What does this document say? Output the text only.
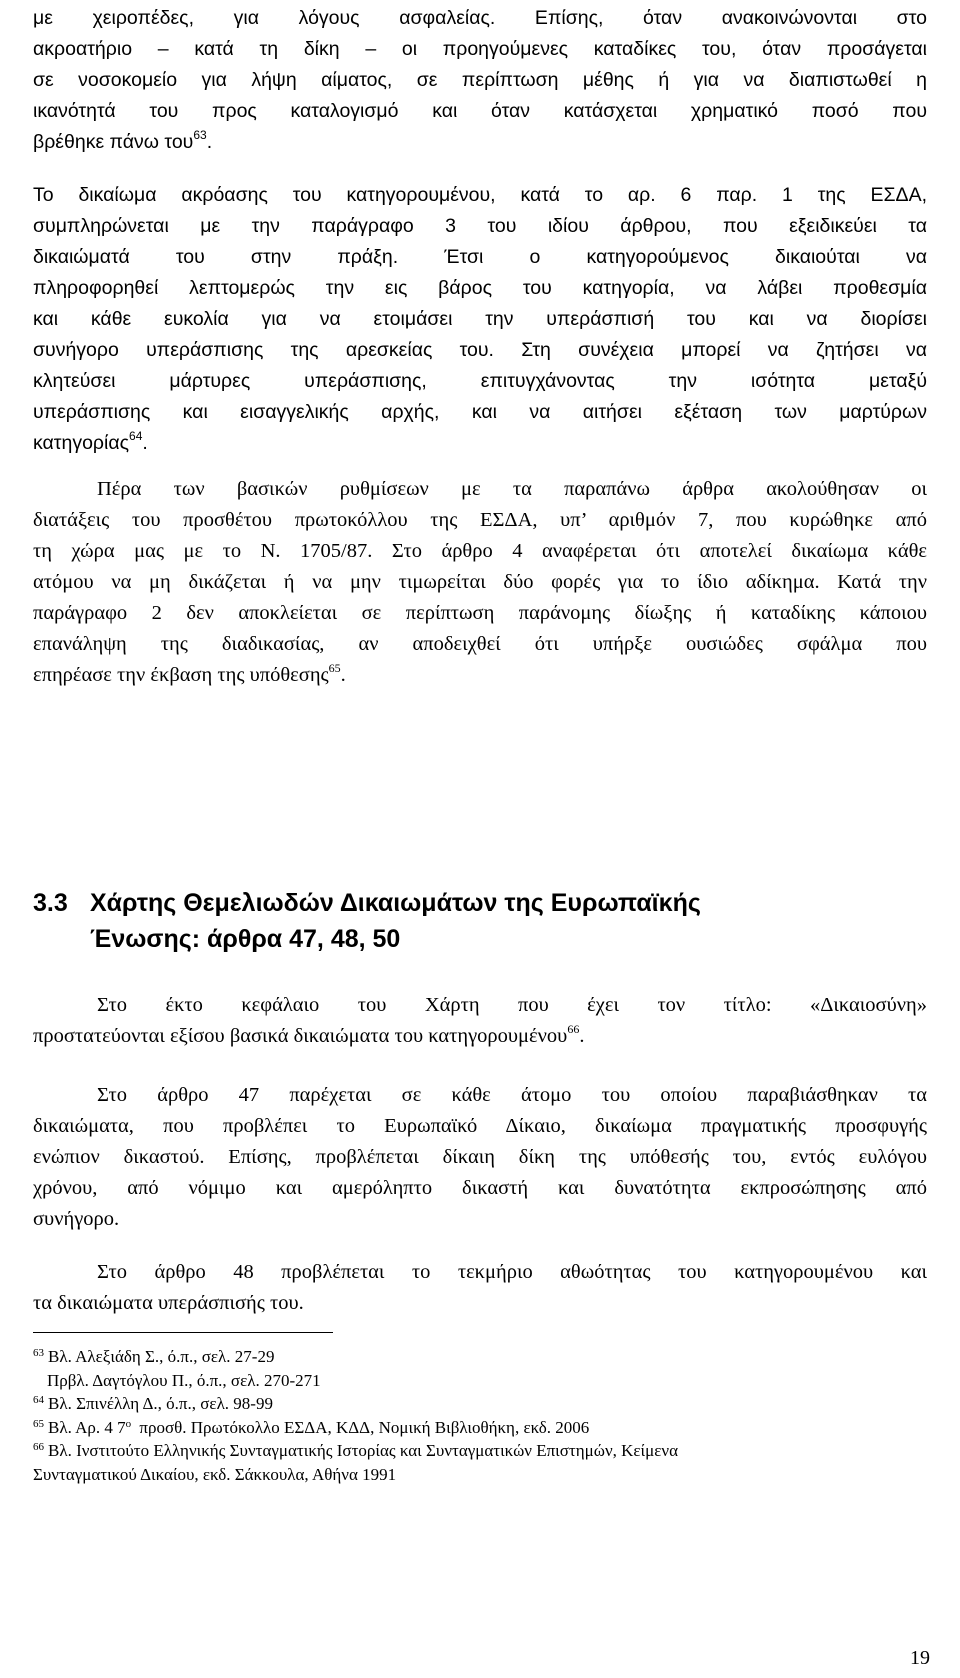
με χειροπέδες, για λόγους ασφαλείας. Επίσης, όταν ανακοινώνονται στο
ακροατήριο – κατά τη δίκη – οι προηγούμενες καταδίκες του, όταν προσάγεται
σε νοσοκομείο για λήψη αίματος, σε περίπτωση μέθης ή για να διαπιστωθεί η
ικανότητά του προς καταλογισμό και όταν κατάσχεται χρηματικό ποσό που
βρέθηκε πάνω του$^{63}$.
Το δικαίωμα ακρόασης του κατηγορουμένου, κατά το αρ. 6 παρ. 1 της ΕΣΔΑ,
συμπληρώνεται με την παράγραφο 3 του ιδίου άρθρου, που εξειδικεύει τα
δικαιώματά του στην πράξη. Έτσι ο κατηγορούμενος δικαιούται να
πληροφορηθεί λεπτομερώς την εις βάρος του κατηγορία, να λάβει προθεσμία
και κάθε ευκολία για να ετοιμάσει την υπεράσπισή του και να διορίσει
συνήγορο υπεράσπισης της αρεσκείας του. Στη συνέχεια μπορεί να ζητήσει να
κλητεύσει μάρτυρες υπεράσπισης, επιτυγχάνοντας την ισότητα μεταξύ
υπεράσπισης και εισαγγελικής αρχής, και να αιτήσει εξέταση των μαρτύρων
κατηγορίας$^{64}$.
Πέρα των βασικών ρυθμίσεων με τα παραπάνω άρθρα ακολούθησαν οι
διατάξεις του προσθέτου πρωτοκόλλου της ΕΣΔΑ, υπ’ αριθμόν 7, που κυρώθηκε από
τη χώρα μας με το Ν. 1705/87. Στο άρθρο 4 αναφέρεται ότι αποτελεί δικαίωμα κάθε
ατόμου να μη δικάζεται ή να μην τιμωρείται δύο φορές για το ίδιο αδίκημα. Κατά την
παράγραφο 2 δεν αποκλείεται σε περίπτωση παράνομης δίωξης ή καταδίκης κάποιου
επανάληψη της διαδικασίας, αν αποδειχθεί ότι υπήρξε ουσιώδες σφάλμα που
επηρέασε την έκβαση της υπόθεσης$^{65}$.
3.3 Χάρτης Θεμελιωδών Δικαιωμάτων της Ευρωπαϊκής
Ένωσης: άρθρα 47, 48, 50
Στο έκτο κεφάλαιο του Χάρτη που έχει τον τίτλο: «Δικαιοσύνη»
προστατεύονται εξίσου βασικά δικαιώματα του κατηγορουμένου$^{66}$.
Στο άρθρο 47 παρέχεται σε κάθε άτομο του οποίου παραβιάσθηκαν τα
δικαιώματα, που προβλέπει το Ευρωπαϊκό Δίκαιο, δικαίωμα πραγματικής προσφυγής
ενώπιον δικαστού. Επίσης, προβλέπεται δίκαιη δίκη της υπόθεσής του, εντός ευλόγου
χρόνου, από νόμιμο και αμερόληπτο δικαστή και δυνατότητα εκπροσώπησης από
συνήγορο.
Στο άρθρο 48 προβλέπεται το τεκμήριο αθωότητας του κατηγορουμένου και
τα δικαιώματα υπεράσπισής του.
$^{63}$ Βλ. Αλεξιάδη Σ., ό.π., σελ. 27-29
Πρβλ. Δαγτόγλου Π., ό.π., σελ. 270-271
$^{64}$ Βλ. Σπινέλλη Δ., ό.π., σελ. 98-99
$^{65}$ Βλ. Αρ. 4 $7^o$ προσθ. Πρωτόκολλο ΕΣΔΑ, ΚΔΔ, Νομική Βιβλιοθήκη, εκδ. 2006
$^{66}$ Βλ. Ινστιτούτο Ελληνικής Συνταγματικής Ιστορίας και Συνταγματικών Επιστημών, Κείμενα
Συνταγματικού Δικαίου, εκδ. Σάκκουλα, Αθήνα 1991
19
